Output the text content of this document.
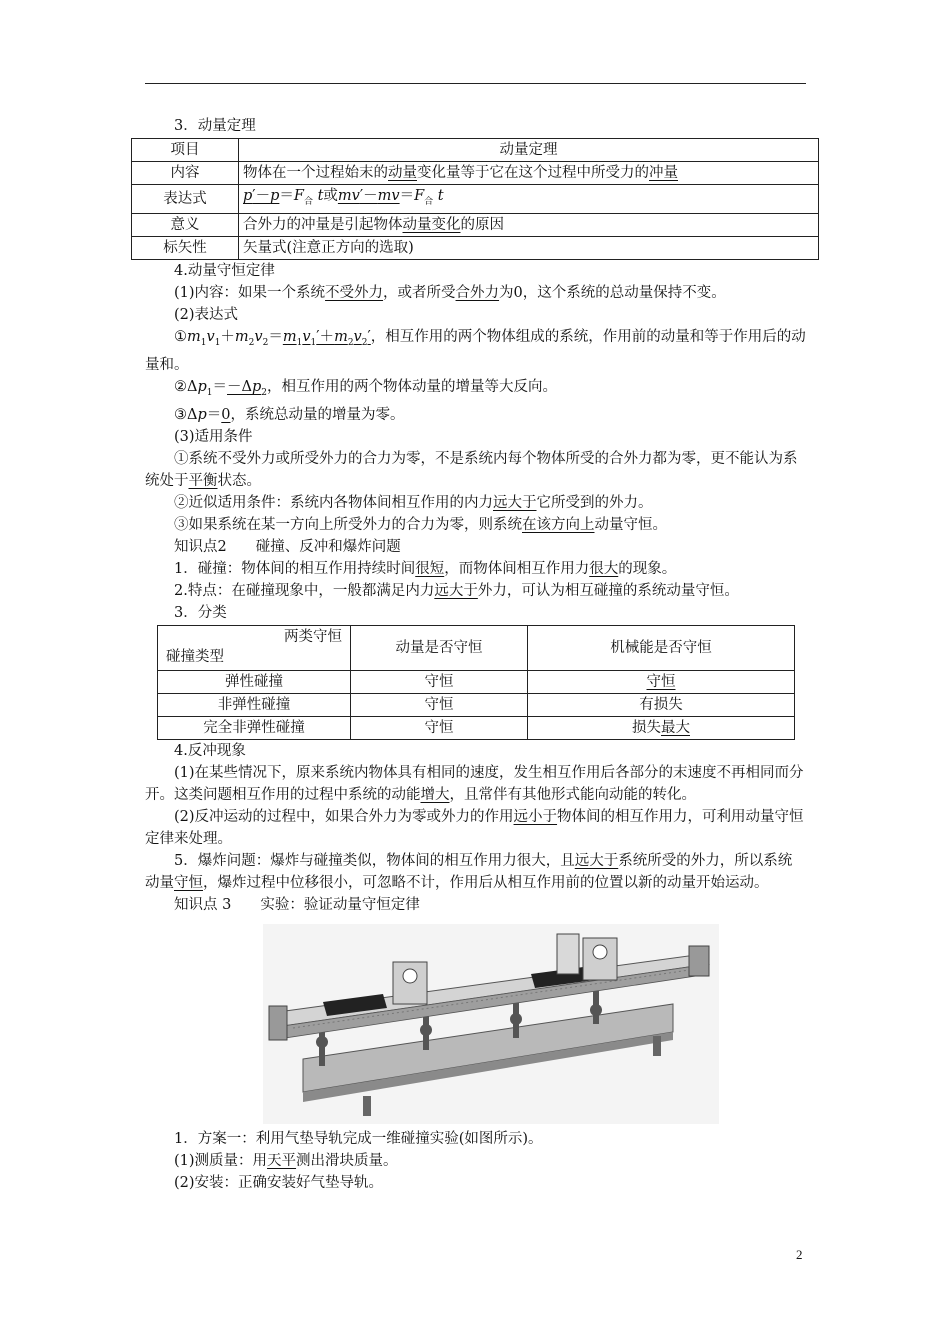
3．动量定理

项目	动量定理
内容	物体在一个过程始末的动量变化量等于它在这个过程中所受力的冲量
表达式	$p'-p=F_合$ t或$mv'-mv=F_合$ t
意义	合外力的冲量是引起物体动量变化的原因
标矢性	矢量式(注意正方向的选取)

4.动量守恒定律

(1)内容：如果一个系统不受外力，或者所受合外力为0，这个系统的总动量保持不变。

(2)表达式

$①m_1v_1+m_2v_2=m_1v_1'+m_2v_2'$，相互作用的两个物体组成的系统，作用前的动量和等于作用后的动量和。

$②\Delta p_1=-\Delta p_2$，相互作用的两个物体动量的增量等大反向。

③Δp＝0，系统总动量的增量为零。

(3)适用条件

①系统不受外力或所受外力的合力为零，不是系统内每个物体所受的合外力都为零，更不能认为系统处于平衡状态。

②近似适用条件：系统内各物体间相互作用的内力远大于它所受到的外力。

③如果系统在某一方向上所受外力的合力为零，则系统在该方向上动量守恒。

知识点2　　碰撞、反冲和爆炸问题

1．碰撞：物体间的相互作用持续时间很短，而物体间相互作用力很大的现象。

2.特点：在碰撞现象中，一般都满足内力远大于外力，可认为相互碰撞的系统动量守恒。

3．分类

两类守恒
碰撞类型	动量是否守恒	机械能是否守恒
弹性碰撞	守恒	守恒
非弹性碰撞	守恒	有损失
完全非弹性碰撞	守恒	损失最大

4.反冲现象

(1)在某些情况下，原来系统内物体具有相同的速度，发生相互作用后各部分的末速度不再相同而分开。这类问题相互作用的过程中系统的动能增大，且常伴有其他形式能向动能的转化。

(2)反冲运动的过程中，如果合外力为零或外力的作用远小于物体间的相互作用力，可利用动量守恒定律来处理。

5．爆炸问题：爆炸与碰撞类似，物体间的相互作用力很大，且远大于系统所受的外力，所以系统动量守恒，爆炸过程中位移很小，可忽略不计，作用后从相互作用前的位置以新的动量开始运动。

知识点 3　　实验：验证动量守恒定律

1．方案一：利用气垫导轨完成一维碰撞实验(如图所示)。

(1)测质量：用天平测出滑块质量。

(2)安装：正确安装好气垫导轨。

2
